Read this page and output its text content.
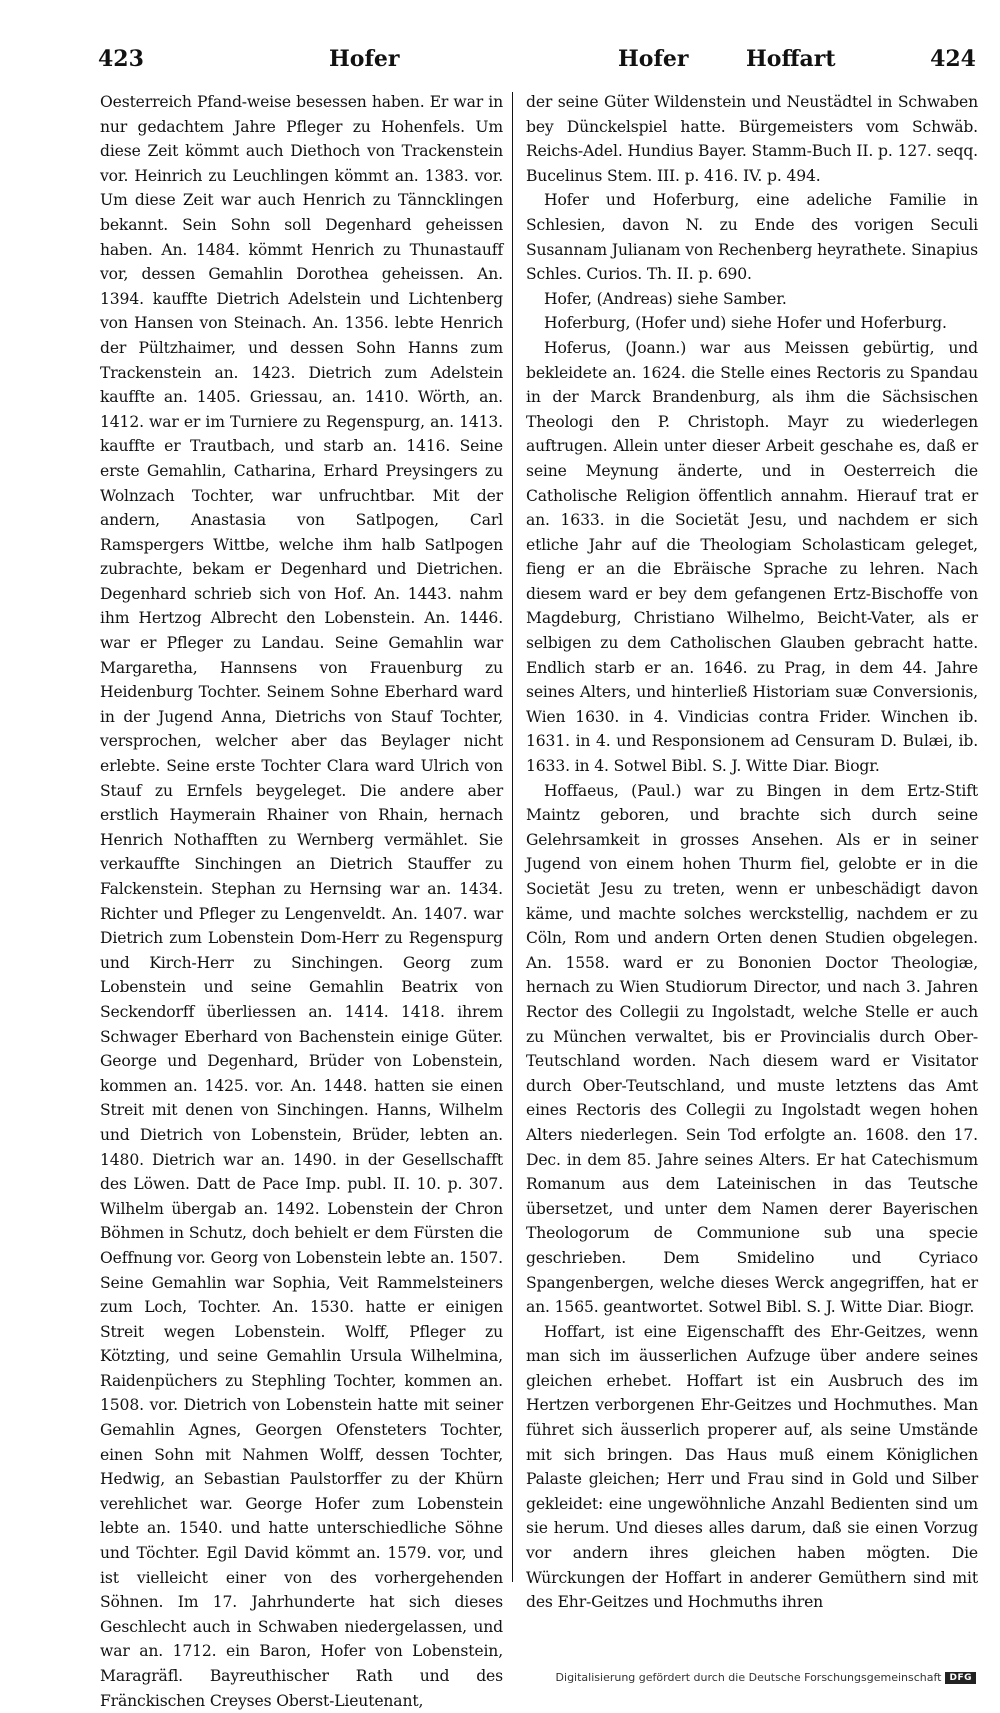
423	Hofer	Hofer	Hoffart	424

Oesterreich Pfand-weise besessen haben. Er war in nur gedachtem Jahre Pfleger zu Hohenfels. Um diese Zeit kömmt auch Diethoch von Trackenstein vor. Heinrich zu Leuchlingen kömmt an. 1383. vor. Um diese Zeit war auch Henrich zu Tänncklingen bekannt. Sein Sohn soll Degenhard geheissen haben. An. 1484. kömmt Henrich zu Thunastauff vor, dessen Gemahlin Dorothea geheissen. An. 1394. kauffte Dietrich Adelstein und Lichtenberg von Hansen von Steinach. An. 1356. lebte Henrich der Pültzhaimer, und dessen Sohn Hanns zum Trackenstein an. 1423. Dietrich zum Adelstein kauffte an. 1405. Griessau, an. 1410. Wörth, an. 1412. war er im Turniere zu Regenspurg, an. 1413. kauffte er Trautbach, und starb an. 1416. Seine erste Gemahlin, Catharina, Erhard Preysingers zu Wolnzach Tochter, war unfruchtbar. Mit der andern, Anastasia von Satlpogen, Carl Ramspergers Wittbe, welche ihm halb Satlpogen zubrachte, bekam er Degenhard und Dietrichen. Degenhard schrieb sich von Hof. An. 1443. nahm ihm Hertzog Albrecht den Lobenstein. An. 1446. war er Pfleger zu Landau. Seine Gemahlin war Margaretha, Hannsens von Frauenburg zu Heidenburg Tochter. Seinem Sohne Eberhard ward in der Jugend Anna, Dietrichs von Stauf Tochter, versprochen, welcher aber das Beylager nicht erlebte. Seine erste Tochter Clara ward Ulrich von Stauf zu Ernfels beygeleget. Die andere aber erstlich Haymerain Rhainer von Rhain, hernach Henrich Nothafften zu Wernberg vermählet. Sie verkauffte Sinchingen an Dietrich Stauffer zu Falckenstein. Stephan zu Hernsing war an. 1434. Richter und Pfleger zu Lengenveldt. An. 1407. war Dietrich zum Lobenstein Dom-Herr zu Regenspurg und Kirch-Herr zu Sinchingen. Georg zum Lobenstein und seine Gemahlin Beatrix von Seckendorff überliessen an. 1414. 1418. ihrem Schwager Eberhard von Bachenstein einige Güter. George und Degenhard, Brüder von Lobenstein, kommen an. 1425. vor. An. 1448. hatten sie einen Streit mit denen von Sinchingen. Hanns, Wilhelm und Dietrich von Lobenstein, Brüder, lebten an. 1480. Dietrich war an. 1490. in der Gesellschafft des Löwen. Datt de Pace Imp. publ. II. 10. p. 307. Wilhelm übergab an. 1492. Lobenstein der Chron Böhmen in Schutz, doch behielt er dem Fürsten die Oeffnung vor. Georg von Lobenstein lebte an. 1507. Seine Gemahlin war Sophia, Veit Rammelsteiners zum Loch, Tochter. An. 1530. hatte er einigen Streit wegen Lobenstein. Wolff, Pfleger zu Kötzting, und seine Gemahlin Ursula Wilhelmina, Raidenpüchers zu Stephling Tochter, kommen an. 1508. vor. Dietrich von Lobenstein hatte mit seiner Gemahlin Agnes, Georgen Ofensteters Tochter, einen Sohn mit Nahmen Wolff, dessen Tochter, Hedwig, an Sebastian Paulstorffer zu der Khürn verehlichet war. George Hofer zum Lobenstein lebte an. 1540. und hatte unterschiedliche Söhne und Töchter. Egil David kömmt an. 1579. vor, und ist vielleicht einer von des vorhergehenden Söhnen. Im 17. Jahrhunderte hat sich dieses Geschlecht auch in Schwaben niedergelassen, und war an. 1712. ein Baron, Hofer von Lobenstein, Maragräfl. Bayreuthischer Rath und des Fränckischen Creyses Oberst-Lieutenant,

der seine Güter Wildenstein und Neustädtel in Schwaben bey Dünckelspiel hatte. Bürgemeisters vom Schwäb. Reichs-Adel. Hundius Bayer. Stamm-Buch II. p. 127. seqq. Bucelinus Stem. III. p. 416. IV. p. 494.

Hofer und Hoferburg, eine adeliche Familie in Schlesien, davon N. zu Ende des vorigen Seculi Susannam Julianam von Rechenberg heyrathete. Sinapius Schles. Curios. Th. II. p. 690.

Hofer, (Andreas) siehe Samber.

Hoferburg, (Hofer und) siehe Hofer und Hoferburg.

Hoferus, (Joann.) war aus Meissen gebürtig, und bekleidete an. 1624. die Stelle eines Rectoris zu Spandau in der Marck Brandenburg, als ihm die Sächsischen Theologi den P. Christoph. Mayr zu wiederlegen auftrugen. Allein unter dieser Arbeit geschahe es, daß er seine Meynung änderte, und in Oesterreich die Catholische Religion öffentlich annahm. Hierauf trat er an. 1633. in die Societät Jesu, und nachdem er sich etliche Jahr auf die Theologiam Scholasticam geleget, fieng er an die Ebräische Sprache zu lehren. Nach diesem ward er bey dem gefangenen Ertz-Bischoffe von Magdeburg, Christiano Wilhelmo, Beicht-Vater, als er selbigen zu dem Catholischen Glauben gebracht hatte. Endlich starb er an. 1646. zu Prag, in dem 44. Jahre seines Alters, und hinterließ Historiam suæ Conversionis, Wien 1630. in 4. Vindicias contra Frider. Winchen ib. 1631. in 4. und Responsionem ad Censuram D. Bulæi, ib. 1633. in 4. Sotwel Bibl. S. J. Witte Diar. Biogr.

Hoffaeus, (Paul.) war zu Bingen in dem Ertz-Stift Maintz geboren, und brachte sich durch seine Gelehrsamkeit in grosses Ansehen. Als er in seiner Jugend von einem hohen Thurm fiel, gelobte er in die Societät Jesu zu treten, wenn er unbeschädigt davon käme, und machte solches werckstellig, nachdem er zu Cöln, Rom und andern Orten denen Studien obgelegen. An. 1558. ward er zu Bononien Doctor Theologiæ, hernach zu Wien Studiorum Director, und nach 3. Jahren Rector des Collegii zu Ingolstadt, welche Stelle er auch zu München verwaltet, bis er Provincialis durch Ober-Teutschland worden. Nach diesem ward er Visitator durch Ober-Teutschland, und muste letztens das Amt eines Rectoris des Collegii zu Ingolstadt wegen hohen Alters niederlegen. Sein Tod erfolgte an. 1608. den 17. Dec. in dem 85. Jahre seines Alters. Er hat Catechismum Romanum aus dem Lateinischen in das Teutsche übersetzet, und unter dem Namen derer Bayerischen Theologorum de Communione sub una specie geschrieben. Dem Smidelino und Cyriaco Spangenbergen, welche dieses Werck angegriffen, hat er an. 1565. geantwortet. Sotwel Bibl. S. J. Witte Diar. Biogr.

Hoffart, ist eine Eigenschafft des Ehr-Geitzes, wenn man sich im äusserlichen Aufzuge über andere seines gleichen erhebet. Hoffart ist ein Ausbruch des im Hertzen verborgenen Ehr-Geitzes und Hochmuthes. Man führet sich äusserlich properer auf, als seine Umstände mit sich bringen. Das Haus muß einem Königlichen Palaste gleichen; Herr und Frau sind in Gold und Silber gekleidet: eine ungewöhnliche Anzahl Bedienten sind um sie herum. Und dieses alles darum, daß sie einen Vorzug vor andern ihres gleichen haben mögten. Die Würckungen der Hoffart in anderer Gemüthern sind mit des Ehr-Geitzes und Hochmuths ihren

Digitalisierung gefördert durch die Deutsche Forschungsgemeinschaft DFG
